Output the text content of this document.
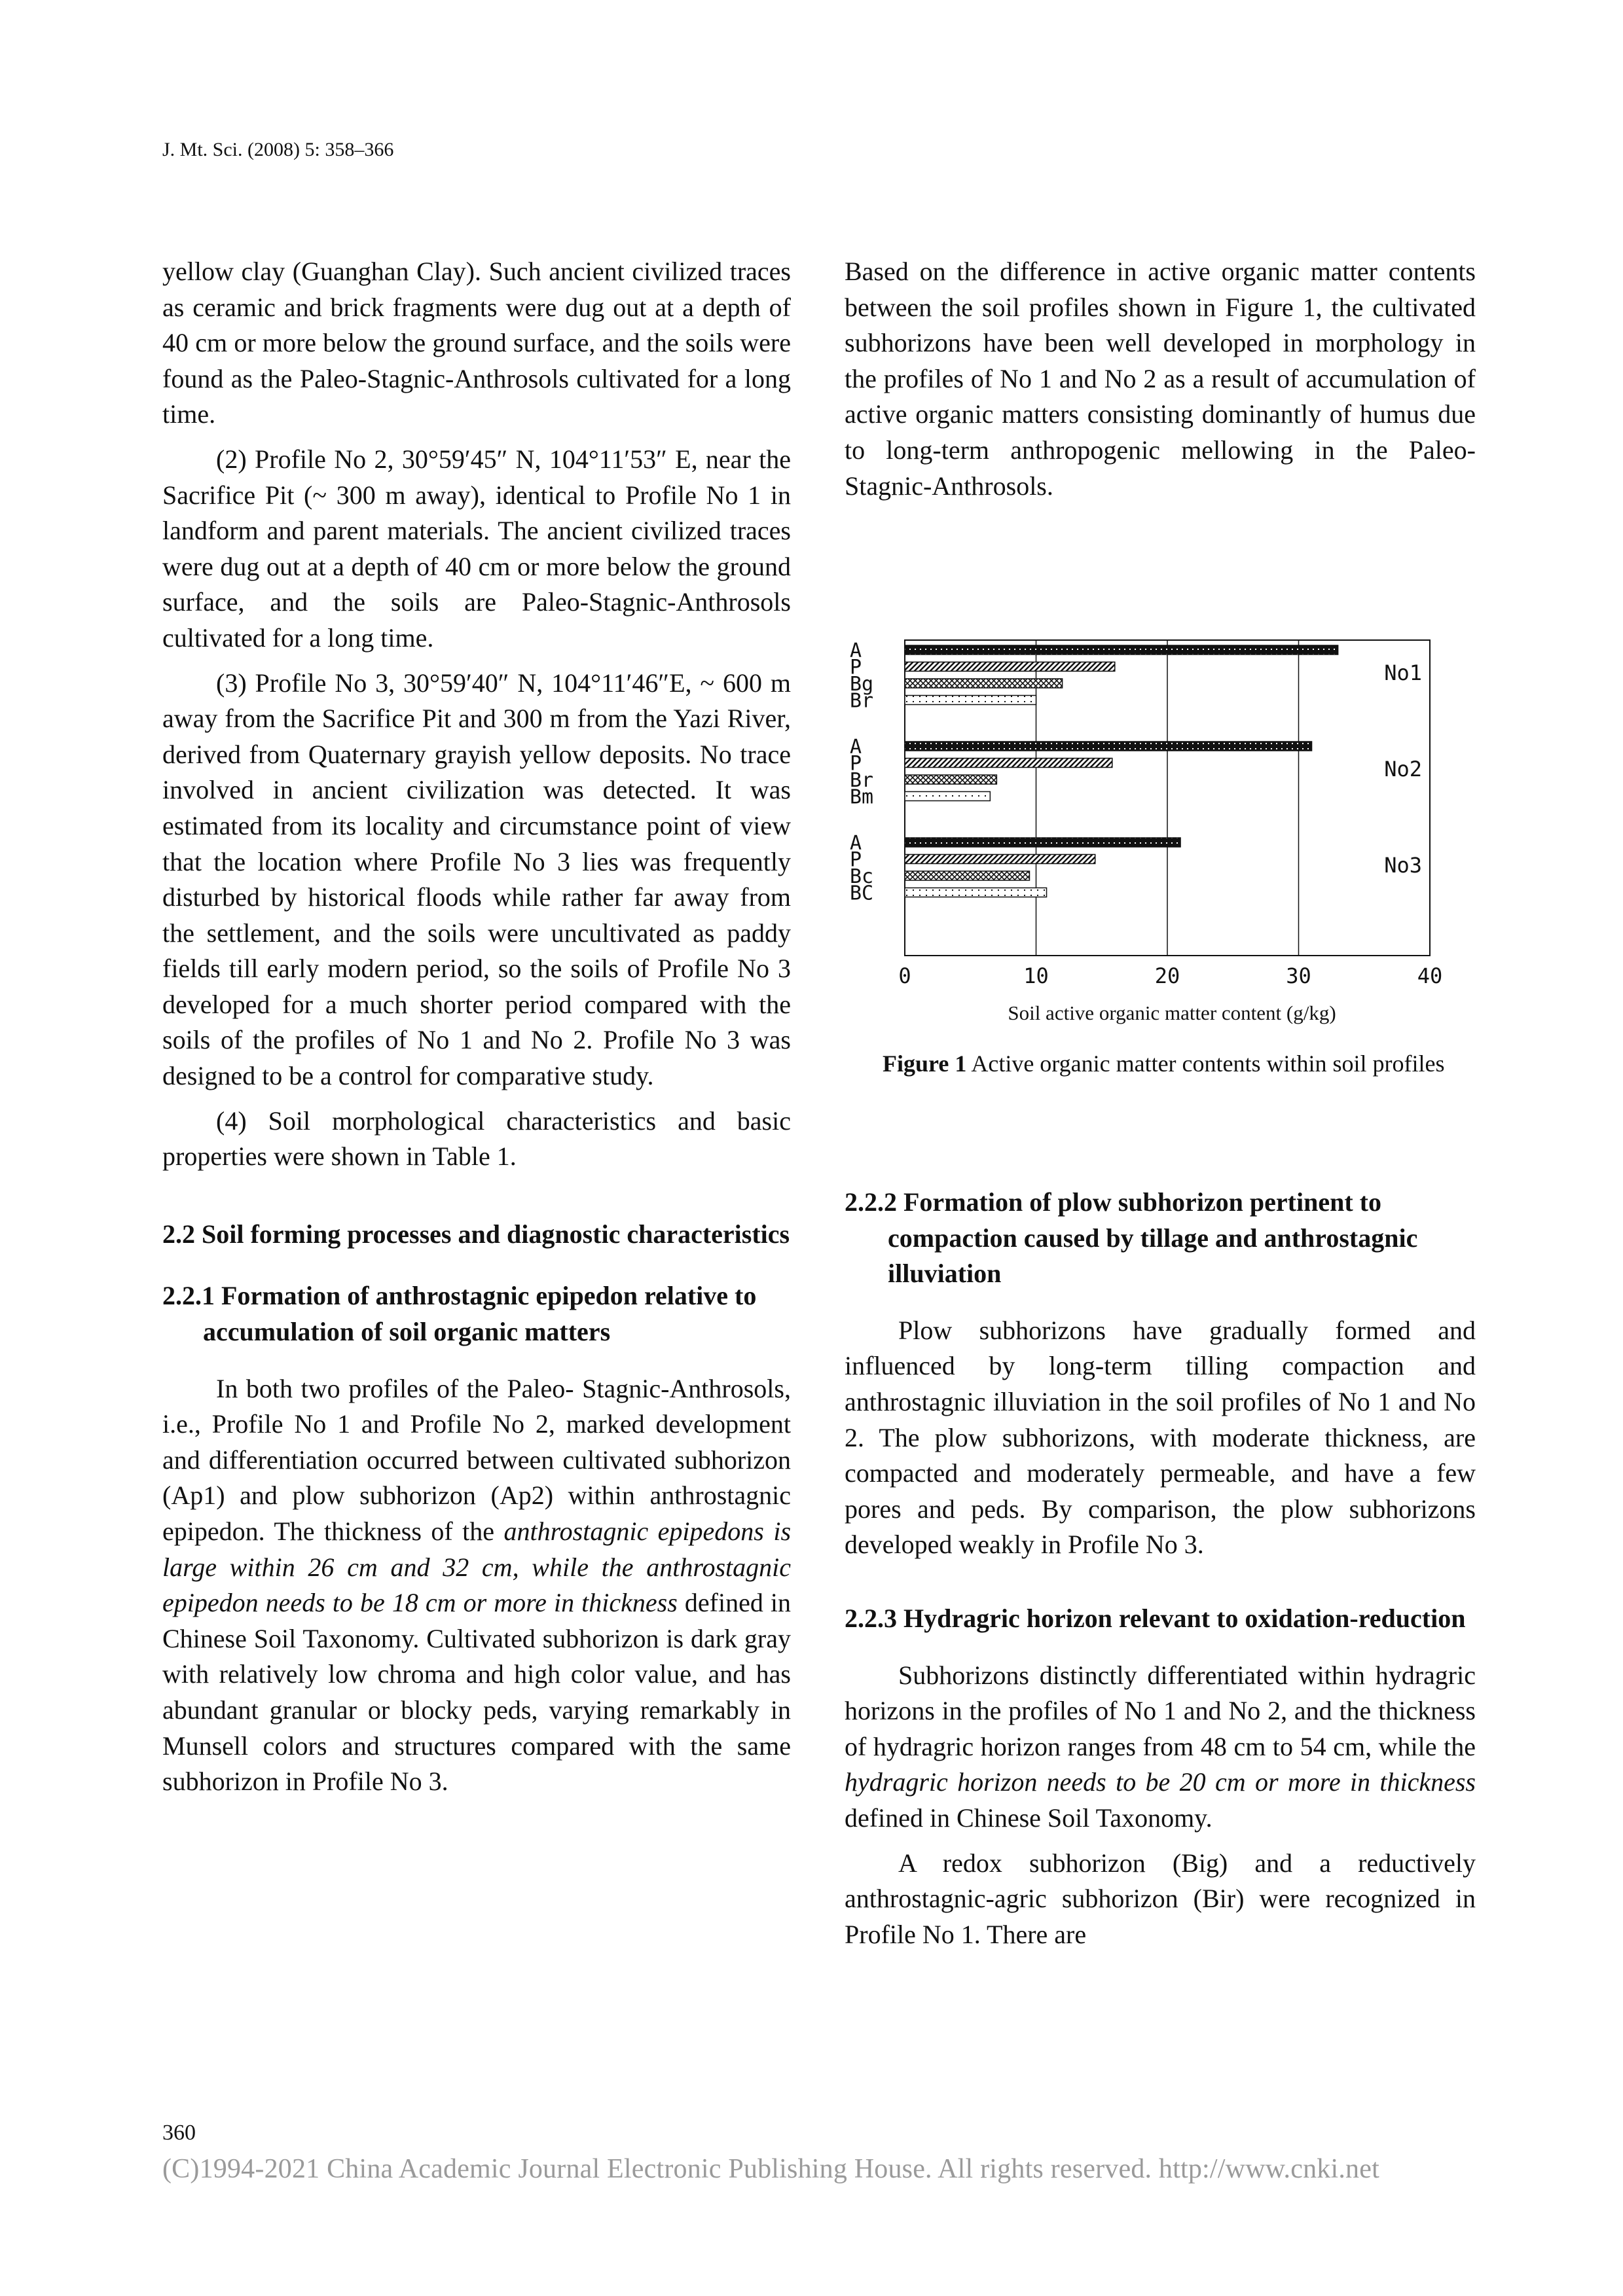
J. Mt. Sci. (2008) 5: 358–366

yellow clay (Guanghan Clay). Such ancient civilized traces as ceramic and brick fragments were dug out at a depth of 40 cm or more below the ground surface, and the soils were found as the Paleo-Stagnic-Anthrosols cultivated for a long time.

(2) Profile No 2, 30°59′45″ N, 104°11′53″ E, near the Sacrifice Pit (~ 300 m away), identical to Profile No 1 in landform and parent materials. The ancient civilized traces were dug out at a depth of 40 cm or more below the ground surface, and the soils are Paleo-Stagnic-Anthrosols cultivated for a long time.

(3) Profile No 3, 30°59′40″ N, 104°11′46″E, ~ 600 m away from the Sacrifice Pit and 300 m from the Yazi River, derived from Quaternary grayish yellow deposits. No trace involved in ancient civilization was detected. It was estimated from its locality and circumstance point of view that the location where Profile No 3 lies was frequently disturbed by historical floods while rather far away from the settlement, and the soils were uncultivated as paddy fields till early modern period, so the soils of Profile No 3 developed for a much shorter period compared with the soils of the profiles of No 1 and No 2. Profile No 3 was designed to be a control for comparative study.

(4) Soil morphological characteristics and basic properties were shown in Table 1.

2.2 Soil forming processes and diagnostic characteristics
2.2.1 Formation of anthrostagnic epipedon relative to accumulation of soil organic matters

In both two profiles of the Paleo- Stagnic-Anthrosols, i.e., Profile No 1 and Profile No 2, marked development and differentiation occurred between cultivated subhorizon (Ap1) and plow subhorizon (Ap2) within anthrostagnic epipedon. The thickness of the anthrostagnic epipedons is large within 26 cm and 32 cm, while the anthrostagnic epipedon needs to be 18 cm or more in thickness defined in Chinese Soil Taxonomy. Cultivated subhorizon is dark gray with relatively low chroma and high color value, and has abundant granular or blocky peds, varying remarkably in Munsell colors and structures compared with the same subhorizon in Profile No 3.

Based on the difference in active organic matter contents between the soil profiles shown in Figure 1, the cultivated subhorizons have been well developed in morphology in the profiles of No 1 and No 2 as a result of accumulation of active organic matters consisting dominantly of humus due to long-term anthropogenic mellowing in the Paleo-Stagnic-Anthrosols.

0	10	20	30	40
A
P
Bg
Br
No1
A
P
Br
Bm
No2
A
P
Bc
BC
No3
Soil active organic matter content (g/kg)
Figure 1 Active organic matter contents within soil profiles
2.2.2 Formation of plow subhorizon pertinent to compaction caused by tillage and anthrostagnic illuviation

Plow subhorizons have gradually formed and influenced by long-term tilling compaction and anthrostagnic illuviation in the soil profiles of No 1 and No 2. The plow subhorizons, with moderate thickness, are compacted and moderately permeable, and have a few pores and peds. By comparison, the plow subhorizons developed weakly in Profile No 3.

2.2.3 Hydragric horizon relevant to oxidation-reduction

Subhorizons distinctly differentiated within hydragric horizons in the profiles of No 1 and No 2, and the thickness of hydragric horizon ranges from 48 cm to 54 cm, while the hydragric horizon needs to be 20 cm or more in thickness defined in Chinese Soil Taxonomy.

A redox subhorizon (Big) and a reductively anthrostagnic-agric subhorizon (Bir) were recognized in Profile No 1. There are

360
(C)1994-2021 China Academic Journal Electronic Publishing House. All rights reserved. http://www.cnki.net
